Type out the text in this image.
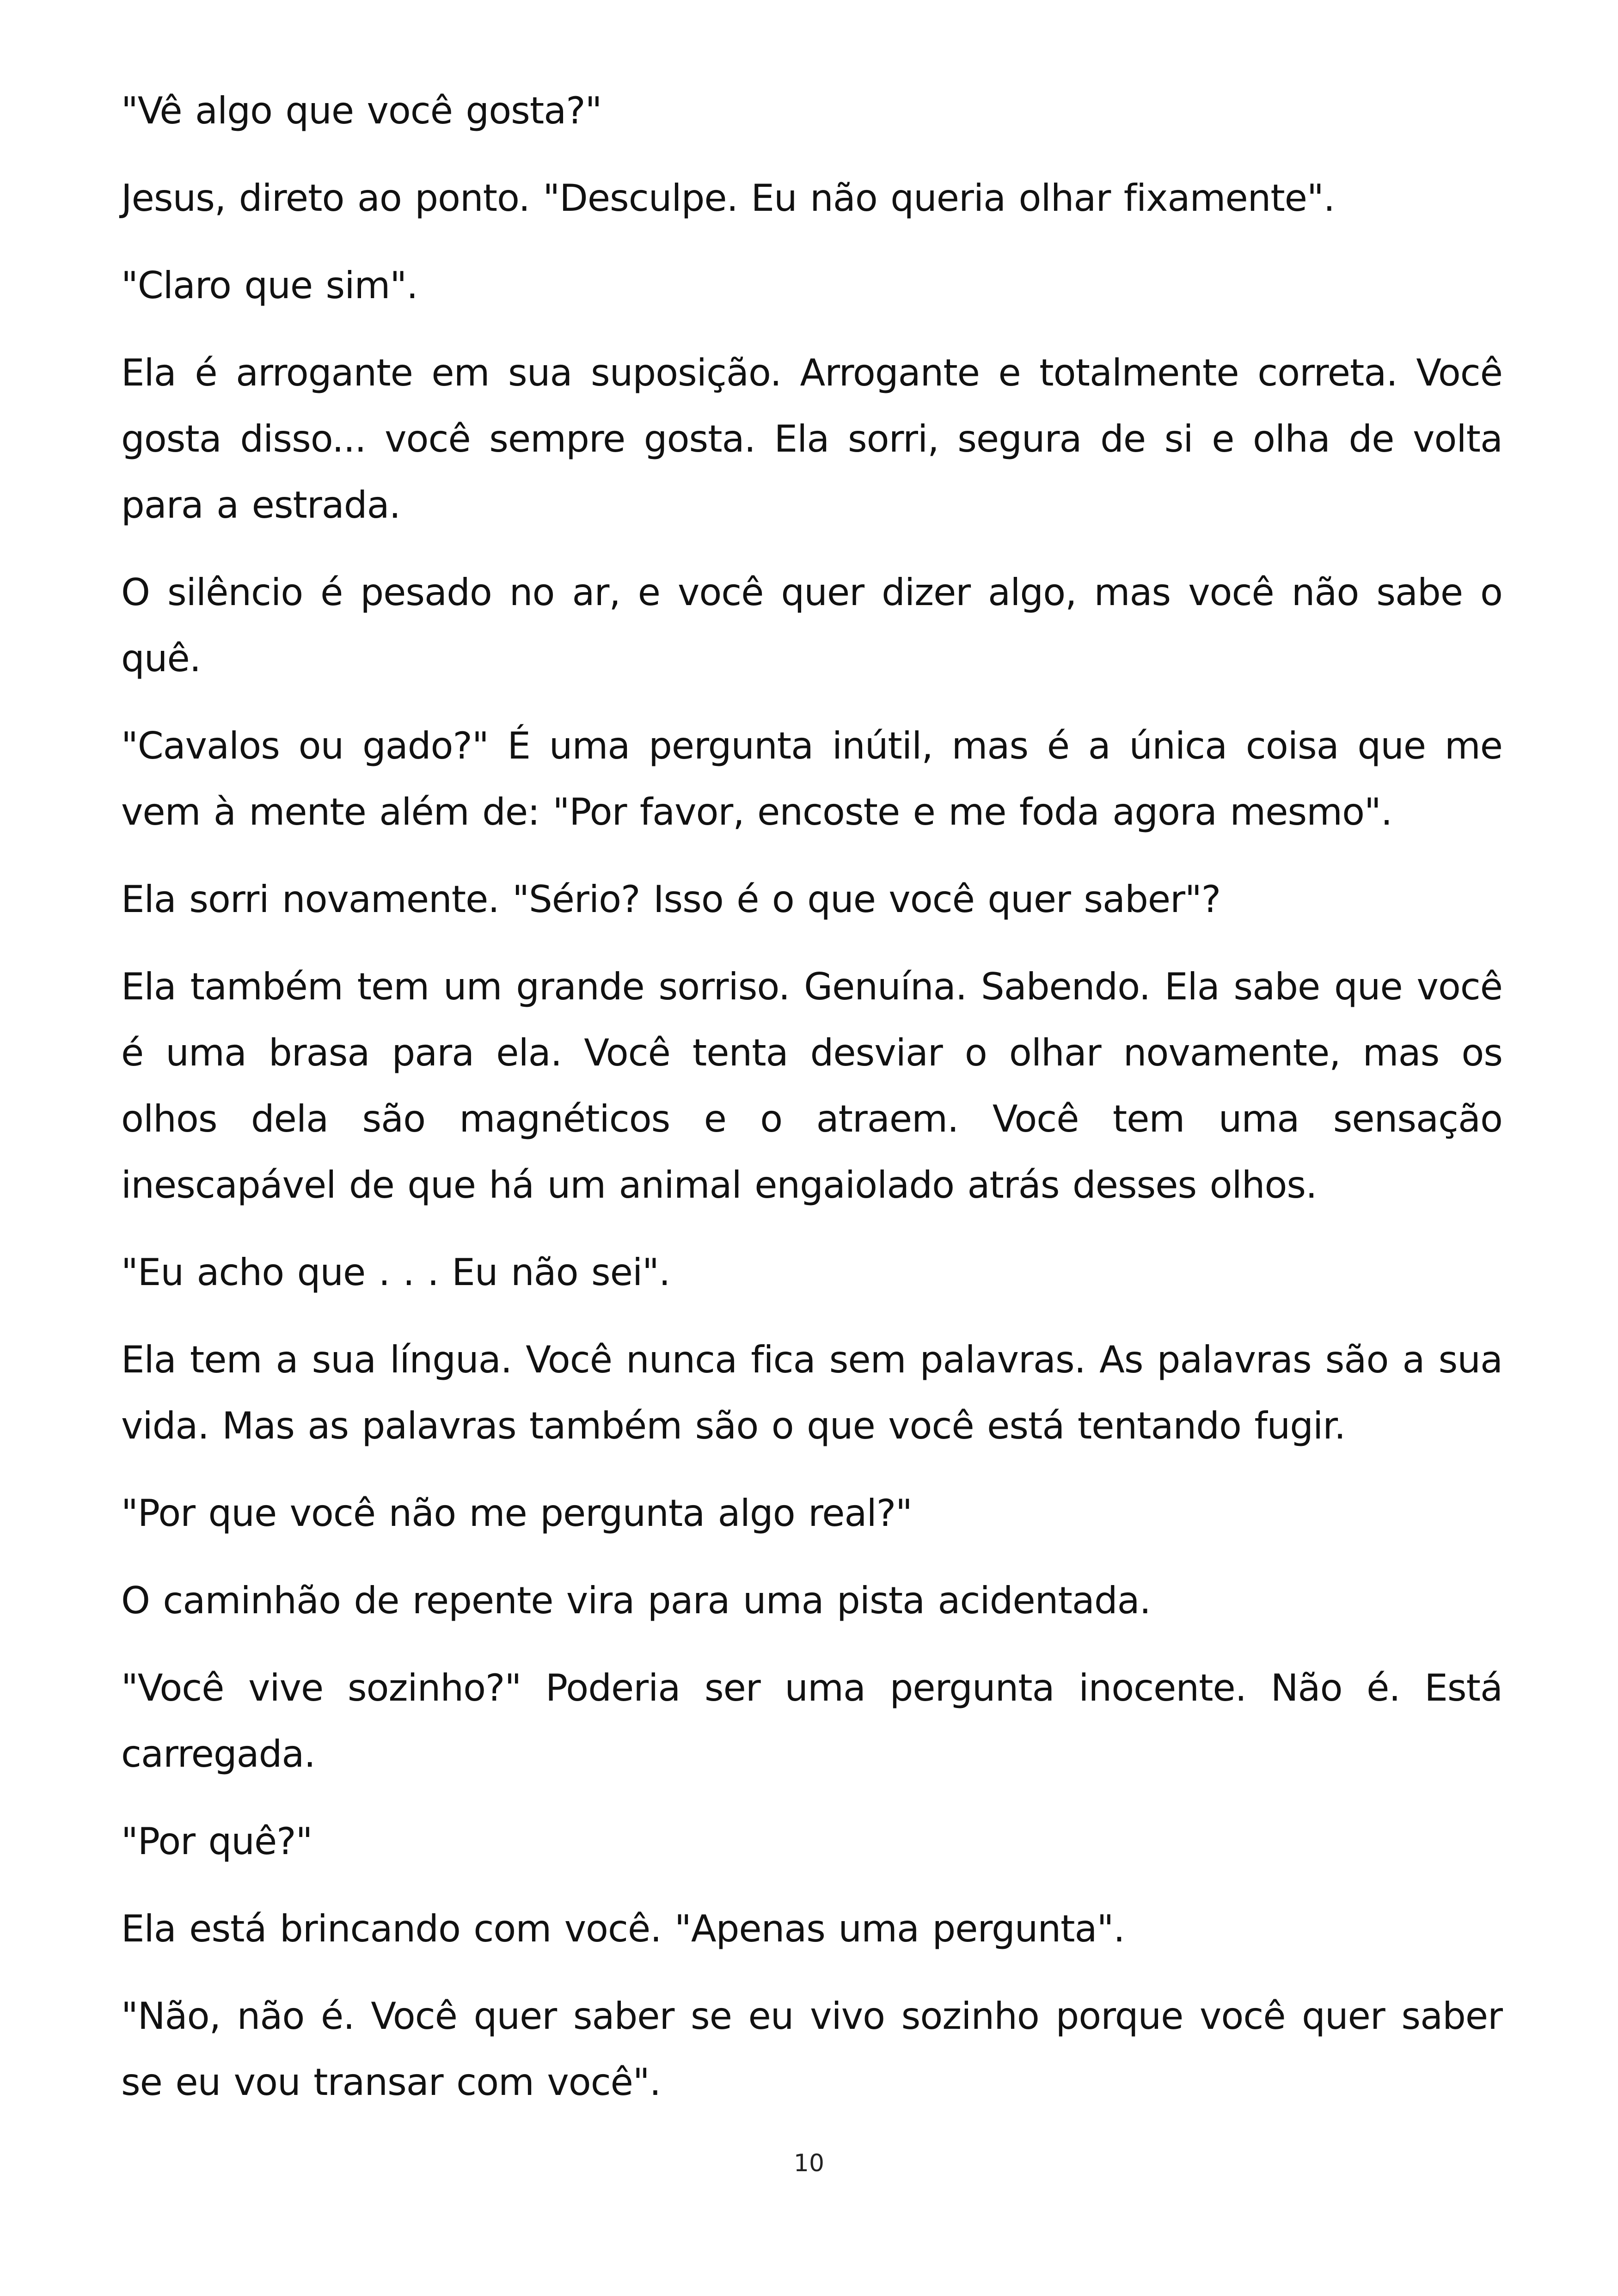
"Vê algo que você gosta?"

Jesus, direto ao ponto. "Desculpe. Eu não queria olhar fixamente".

"Claro que sim".

Ela é arrogante em sua suposição. Arrogante e totalmente correta. Você gosta disso... você sempre gosta. Ela sorri, segura de si e olha de volta para a estrada.

O silêncio é pesado no ar, e você quer dizer algo, mas você não sabe o quê.

"Cavalos ou gado?" É uma pergunta inútil, mas é a única coisa que me vem à mente além de: "Por favor, encoste e me foda agora mesmo".

Ela sorri novamente. "Sério? Isso é o que você quer saber"?

Ela também tem um grande sorriso. Genuína. Sabendo. Ela sabe que você é uma brasa para ela. Você tenta desviar o olhar novamente, mas os olhos dela são magnéticos e o atraem. Você tem uma sensação inescapável de que há um animal engaiolado atrás desses olhos.

"Eu acho que . . . Eu não sei".

Ela tem a sua língua. Você nunca fica sem palavras. As palavras são a sua vida. Mas as palavras também são o que você está tentando fugir.

"Por que você não me pergunta algo real?"

O caminhão de repente vira para uma pista acidentada.

"Você vive sozinho?" Poderia ser uma pergunta inocente. Não é. Está carregada.

"Por quê?"

Ela está brincando com você. "Apenas uma pergunta".

"Não, não é. Você quer saber se eu vivo sozinho porque você quer saber se eu vou transar com você".

10
